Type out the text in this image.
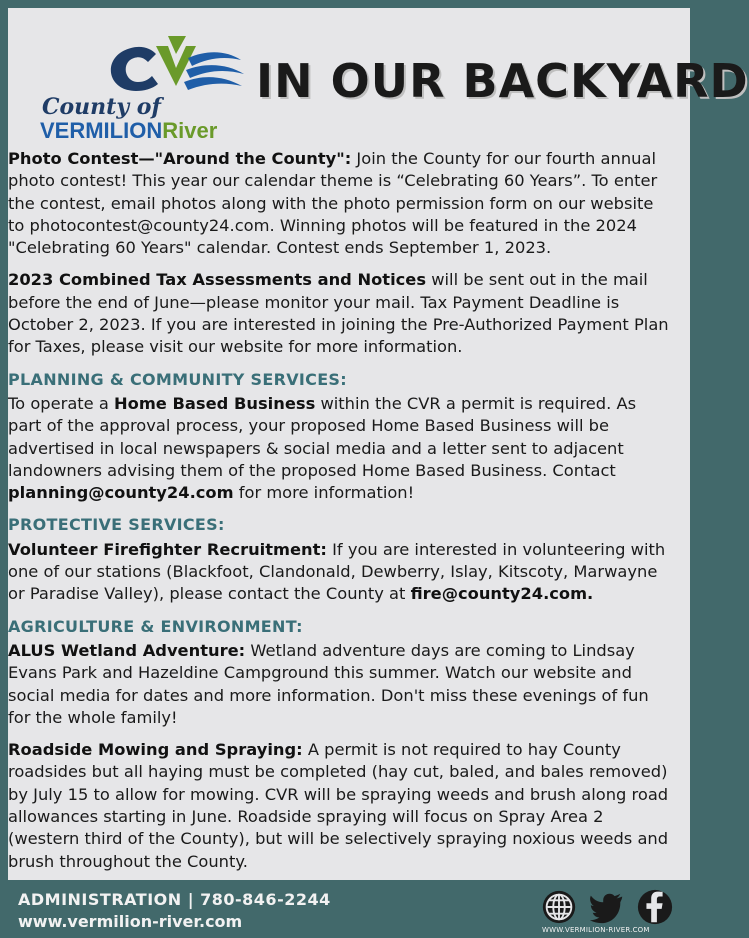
County of
VERMILIONRiver
IN OUR BACKYARD

Photo Contest—"Around the County": Join the County for our fourth annual photo contest! This year our calendar theme is “Celebrating 60 Years”. To enter the contest, email photos along with the photo permission form on our website to photocontest@county24.com. Winning photos will be featured in the 2024 "Celebrating 60 Years" calendar. Contest ends September 1, 2023.

2023 Combined Tax Assessments and Notices will be sent out in the mail before the end of June—please monitor your mail. Tax Payment Deadline is October 2, 2023. If you are interested in joining the Pre-Authorized Payment Plan for Taxes, please visit our website for more information.

PLANNING & COMMUNITY SERVICES:

To operate a Home Based Business within the CVR a permit is required. As part of the approval process, your proposed Home Based Business will be advertised in local newspapers & social media and a letter sent to adjacent landowners advising them of the proposed Home Based Business. Contact planning@county24.com for more information!

PROTECTIVE SERVICES:

Volunteer Firefighter Recruitment: If you are interested in volunteering with one of our stations (Blackfoot, Clandonald, Dewberry, Islay, Kitscoty, Marwayne or Paradise Valley), please contact the County at fire@county24.com.

AGRICULTURE & ENVIRONMENT:

ALUS Wetland Adventure: Wetland adventure days are coming to Lindsay Evans Park and Hazeldine Campground this summer. Watch our website and social media for dates and more information. Don't miss these evenings of fun for the whole family!

Roadside Mowing and Spraying: A permit is not required to hay County roadsides but all haying must be completed (hay cut, baled, and bales removed) by July 15 to allow for mowing. CVR will be spraying weeds and brush along road allowances starting in June. Roadside spraying will focus on Spray Area 2 (western third of the County), but will be selectively spraying noxious weeds and brush throughout the County.

ADMINISTRATION | 780-846-2244
www.vermilion-river.com	WWW.VERMILION-RIVER.COM
